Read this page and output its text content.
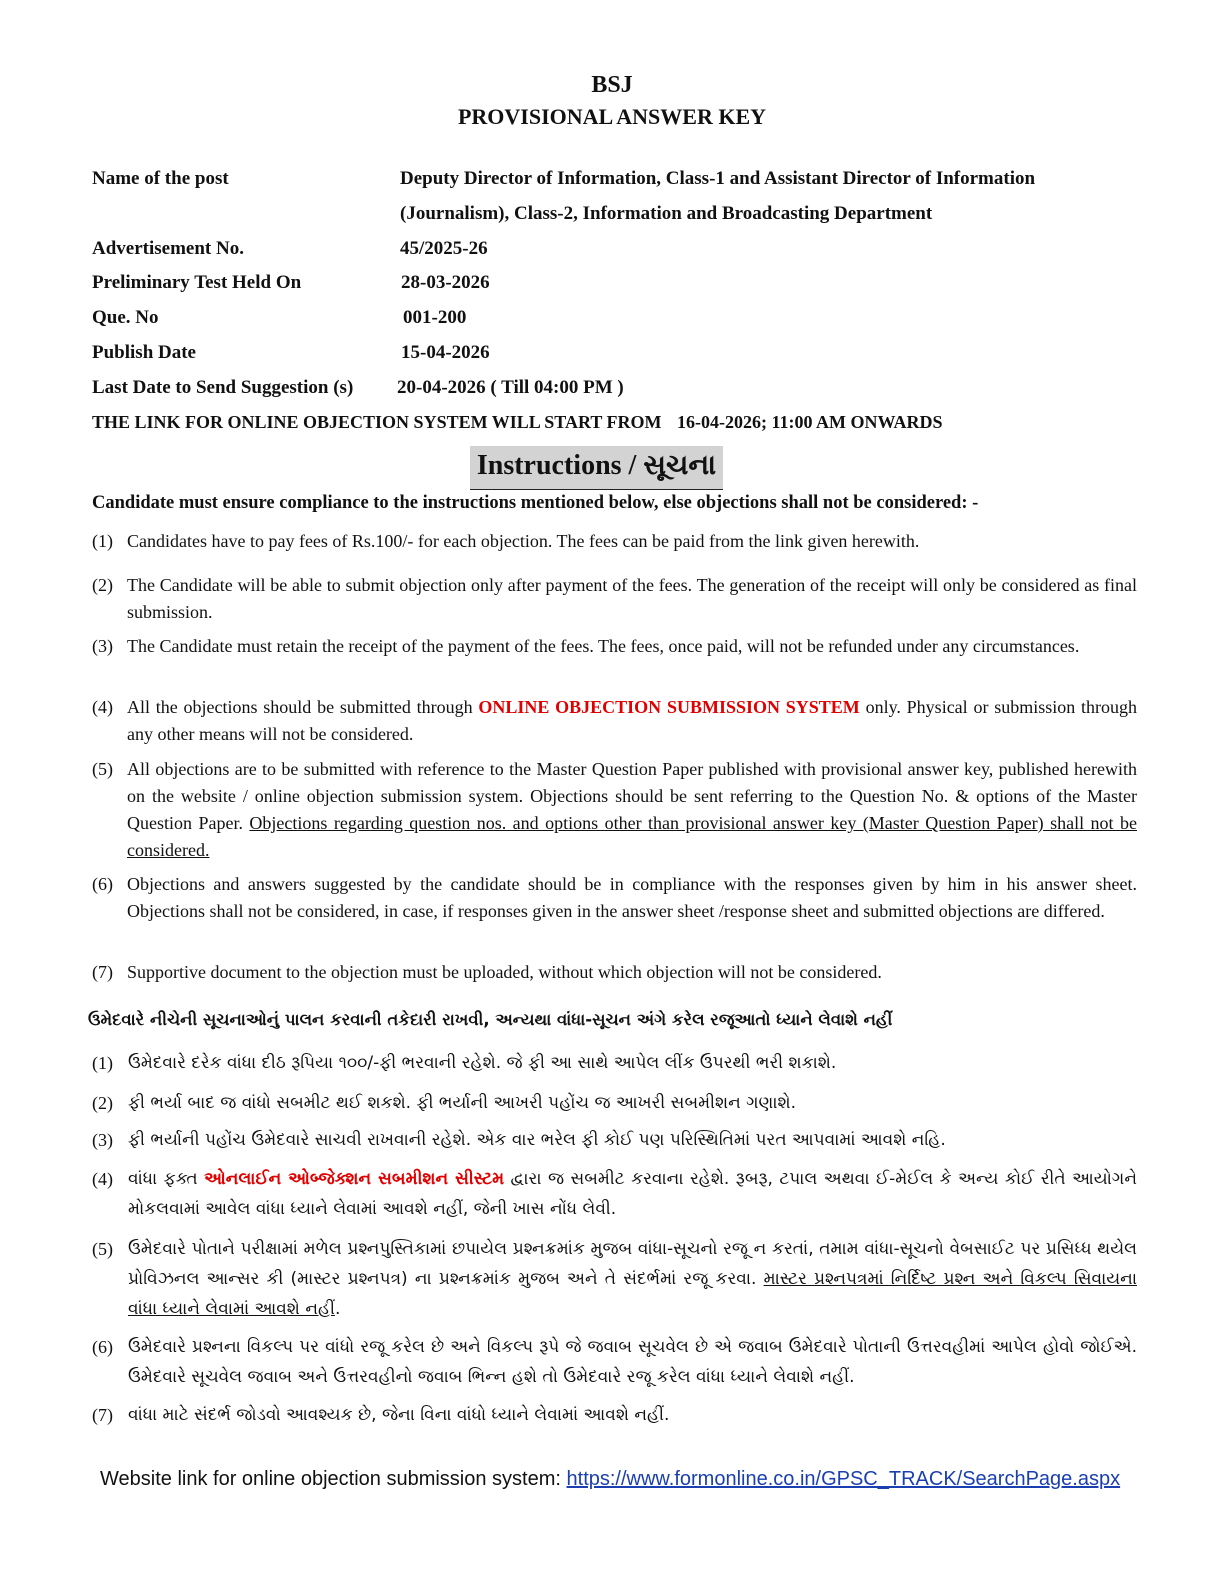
BSJ
PROVISIONAL ANSWER KEY
Name of the post	Deputy Director of Information, Class-1 and Assistant Director of Information
(Journalism), Class-2, Information and Broadcasting Department
Advertisement No.	45/2025-26
Preliminary Test Held On	28-03-2026
Que. No	001-200
Publish Date	15-04-2026
Last Date to Send Suggestion (s) 20-04-2026 ( Till 04:00 PM )
THE LINK FOR ONLINE OBJECTION SYSTEM WILL START FROM 16-04-2026; 11:00 AM ONWARDS
Instructions / સૂચના
Candidate must ensure compliance to the instructions mentioned below, else objections shall not be considered: -
(1) Candidates have to pay fees of Rs.100/- for each objection. The fees can be paid from the link given herewith.
(2) The Candidate will be able to submit objection only after payment of the fees. The generation of the receipt will only be considered as final submission.
(3) The Candidate must retain the receipt of the payment of the fees. The fees, once paid, will not be refunded under any circumstances.
(4) All the objections should be submitted through ONLINE OBJECTION SUBMISSION SYSTEM only. Physical or submission through any other means will not be considered.
(5) All objections are to be submitted with reference to the Master Question Paper published with provisional answer key, published herewith on the website / online objection submission system. Objections should be sent referring to the Question No. & options of the Master Question Paper. Objections regarding question nos. and options other than provisional answer key (Master Question Paper) shall not be considered.
(6) Objections and answers suggested by the candidate should be in compliance with the responses given by him in his answer sheet. Objections shall not be considered, in case, if responses given in the answer sheet /response sheet and submitted objections are differed.
(7) Supportive document to the objection must be uploaded, without which objection will not be considered.
ઉમેદવારે નીચેની સૂચનાઓનું પાલન કરવાની તકેદારી રાખવી, અન્યથા વાંધા-સૂચન અંગે કરેલ રજૂઆતો ધ્યાને લેવાશે નહીં
(1) ઉમેદવારે દરેક વાંધા દીઠ રૂપિયા ૧૦૦/-ફી ભરવાની રહેશે. જે ફી આ સાથે આપેલ લીંક ઉપરથી ભરી શકાશે.
(2) ફી ભર્યા બાદ જ વાંધો સબમીટ થઈ શકશે. ફી ભર્યાની આખરી પહોંચ જ આખરી સબમીશન ગણાશે.
(3) ફી ભર્યાની પહોંચ ઉમેદવારે સાચવી રાખવાની રહેશે. એક વાર ભરેલ ફી કોઈ પણ પરિસ્થિતિમાં પરત આપવામાં આવશે નહિ.
(4) વાંધા ફક્ત ઓનલાઈન ઓબ્જેક્શન સબમીશન સીસ્ટમ દ્વારા જ સબમીટ કરવાના રહેશે. રૂબરૂ, ટપાલ અથવા ઈ-મેઈલ કે અન્ય કોઈ રીતે આયોગને મોકલવામાં આવેલ વાંધા ધ્યાને લેવામાં આવશે નહીં, જેની ખાસ નોંધ લેવી.
(5) ઉમેદવારે પોતાને પરીક્ષામાં મળેલ પ્રશ્નપુસ્તિકામાં છપાયેલ પ્રશ્નક્રમાંક મુજબ વાંધા-સૂચનો રજૂ ન કરતાં, તમામ વાંધા-સૂચનો વેબસાઈટ પર પ્રસિધ્ધ થયેલ પ્રોવિઝનલ આન્સર કી (માસ્ટર પ્રશ્નપત્ર) ના પ્રશ્નક્રમાંક મુજબ અને તે સંદર્ભમાં રજૂ કરવા. માસ્ટર પ્રશ્નપત્રમાં નિર્દિષ્ટ પ્રશ્ન અને વિકલ્પ સિવાયના વાંધા ધ્યાને લેવામાં આવશે નહીં.
(6) ઉમેદવારે પ્રશ્નના વિકલ્પ પર વાંધો રજૂ કરેલ છે અને વિકલ્પ રૂપે જે જવાબ સૂચવેલ છે એ જવાબ ઉમેદવારે પોતાની ઉત્તરવહીમાં આપેલ હોવો જોઈએ. ઉમેદવારે સૂચવેલ જવાબ અને ઉત્તરવહીનો જવાબ ભિન્ન હશે તો ઉમેદવારે રજૂ કરેલ વાંધા ધ્યાને લેવાશે નહીં.
(7) વાંધા માટે સંદર્ભ જોડવો આવશ્યક છે, જેના વિના વાંધો ધ્યાને લેવામાં આવશે નહીં.
Website link for online objection submission system: https://www.formonline.co.in/GPSC_TRACK/SearchPage.aspx
